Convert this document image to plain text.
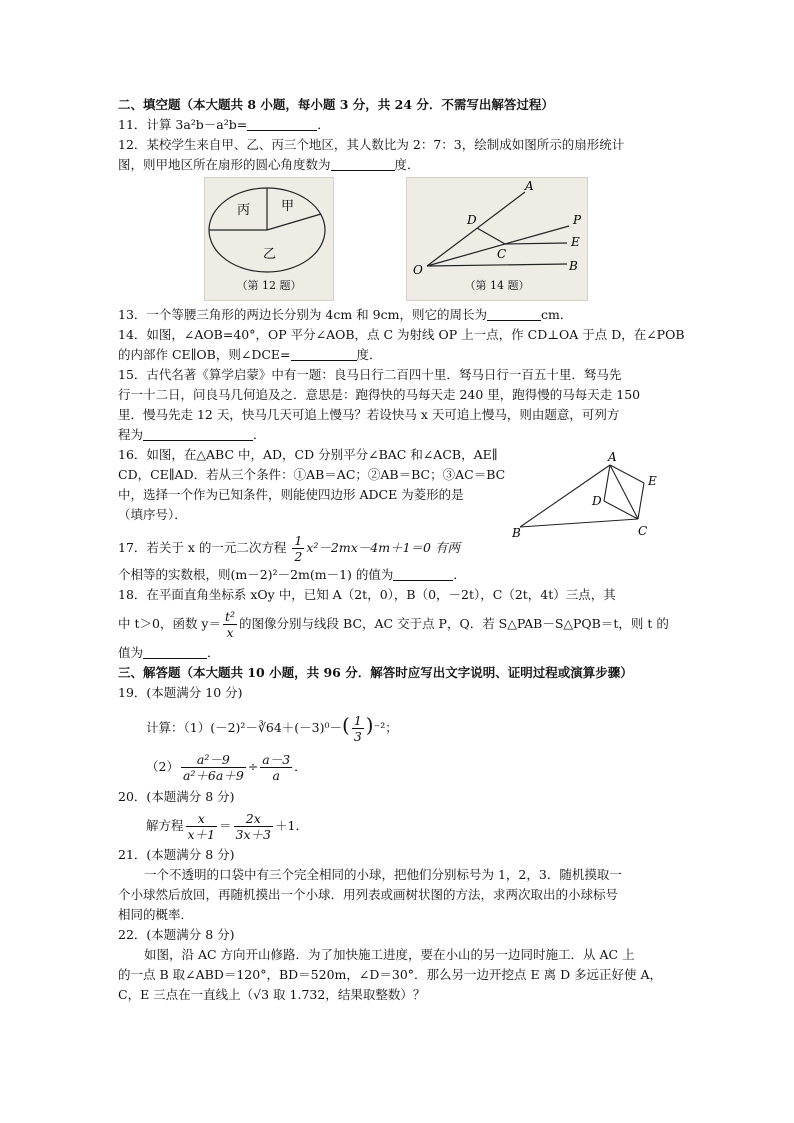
二、填空题（本大题共 8 小题，每小题 3 分，共 24 分．不需写出解答过程）
11．计算 3a²b－a²b=	．
12．某校学生来自甲、乙、丙三个地区，其人数比为 2：7：3，绘制成如图所示的扇形统计
图，则甲地区所在扇形的圆心角度数为	度．
丙 甲
乙
（第 12 题）
A
D	P
C
E
O	B
（第 14 题）
13．一个等腰三角形的两边长分别为 4cm 和 9cm，则它的周长为	cm．
14．如图，∠AOB=40°，OP 平分∠AOB，点 C 为射线 OP 上一点，作 CD⊥OA 于点 D，在∠POB
的内部作 CE∥OB，则∠DCE=	度．
15．古代名著《算学启蒙》中有一题：良马日行二百四十里．驽马日行一百五十里．驽马先
行一十二日，问良马几何追及之．意思是：跑得快的马每天走 240 里，跑得慢的马每天走 150
里．慢马先走 12 天，快马几天可追上慢马？若设快马 x 天可追上慢马，则由题意，可列方
程为	．
16．如图，在△ABC 中，AD，CD 分别平分∠BAC 和∠ACB，AE∥
CD，CE∥AD．若从三个条件：①AB＝AC；②AB＝BC；③AC＝BC
中，选择一个作为已知条件，则能使四边形 ADCE 为菱形的是
（填序号）．
A
D
E
B	C
17．若关于 x 的一元二次方程 $\frac{1}{2} x^2-2mx-4m+1=0$ 有两
个相等的实数根，则(m－2)²－2m(m－1) 的值为	．
18．在平面直角坐标系 xOy 中，已知 A（2t，0），B（0，－2t），C（2t，4t）三点，其
中 t＞0，函数 $y= \frac{\text{t²}}{x}$ 的图像分别与线段 BC，AC 交于点 P，Q．若 S△PAB－S△PQB＝t，则 t 的
值为	．
三、解答题（本大题共 10 小题，共 96 分．解答时应写出文字说明、证明过程或演算步骤）
19．(本题满分 10 分)
计算：（1）(－2)²－∛64＋(－3)⁰－( $\frac{1}{3} )^{-2}$；
$(2) \frac{\text{a²－9}}{\text{a²＋6a＋9}} \div \frac{a-3}{a}$ ．
20．(本题满分 8 分)
解方程 $\frac{x}{x+1} = \frac{2x}{3x+3} +1$．
21．(本题满分 8 分)
一个不透明的口袋中有三个完全相同的小球，把他们分别标号为 1，2，3．随机摸取一
个小球然后放回，再随机摸出一个小球．用列表或画树状图的方法，求两次取出的小球标号
相同的概率．
22．(本题满分 8 分)
如图，沿 AC 方向开山修路．为了加快施工进度，要在小山的另一边同时施工．从 AC 上
的一点 B 取∠ABD＝120°，BD＝520m，∠D＝30°．那么另一边开挖点 E 离 D 多远正好使 A，
C，E 三点在一直线上（√3 取 1.732，结果取整数）？
